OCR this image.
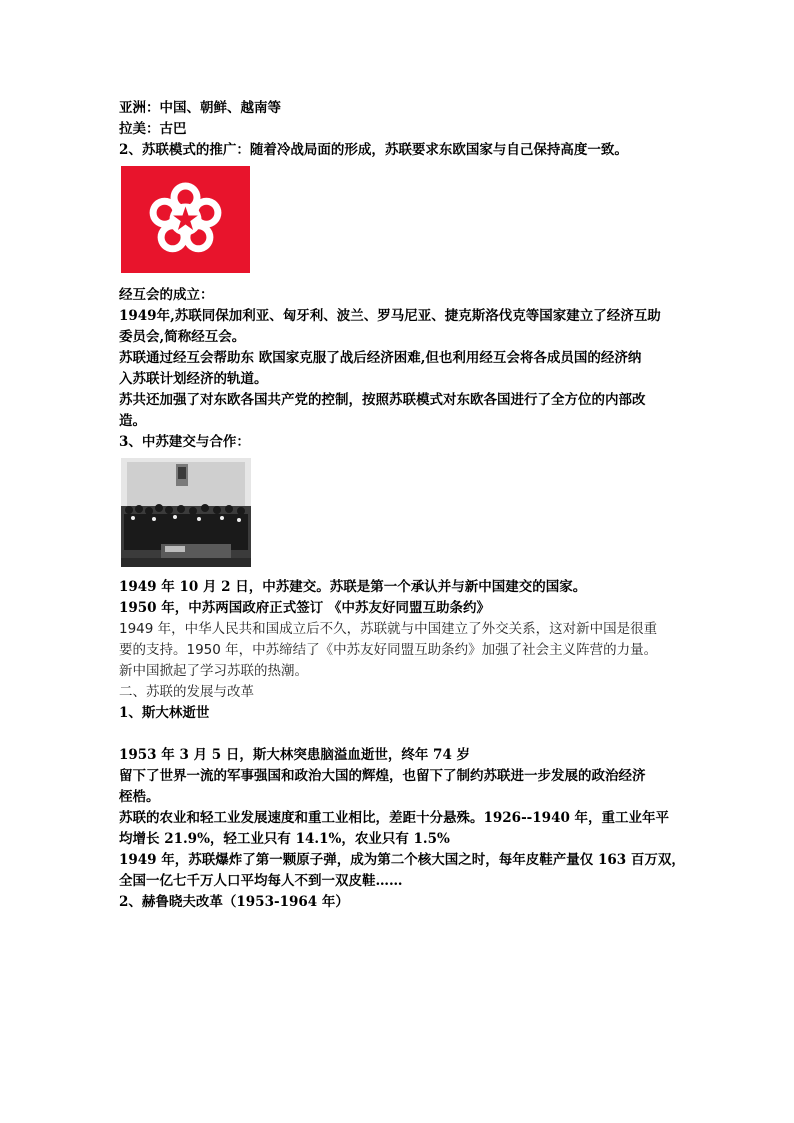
亚洲：中国、朝鲜、越南等
拉美：古巴
2、苏联模式的推广：随着冷战局面的形成，苏联要求东欧国家与自己保持高度一致。
经互会的成立：
1949年,苏联同保加利亚、匈牙利、波兰、罗马尼亚、捷克斯洛伐克等国家建立了经济互助
委员会,简称经互会。
苏联通过经互会帮助东 欧国家克服了战后经济困难,但也利用经互会将各成员国的经济纳
入苏联计划经济的轨道。
苏共还加强了对东欧各国共产党的控制，按照苏联模式对东欧各国进行了全方位的内部改
造。
3、中苏建交与合作：
1949 年 10 月 2 日，中苏建交。苏联是第一个承认并与新中国建交的国家。
1950 年，中苏两国政府正式签订 《中苏友好同盟互助条约》
1949 年，中华人民共和国成立后不久，苏联就与中国建立了外交关系，这对新中国是很重
要的支持。1950 年，中苏缔结了《中苏友好同盟互助条约》加强了社会主义阵营的力量。
新中国掀起了学习苏联的热潮。
二、苏联的发展与改革
1、斯大林逝世
1953 年 3 月 5 日，斯大林突患脑溢血逝世，终年 74 岁
留下了世界一流的军事强国和政治大国的辉煌，也留下了制约苏联进一步发展的政治经济
桎梏。
苏联的农业和轻工业发展速度和重工业相比，差距十分悬殊。1926--1940 年，重工业年平
均增长 21.9%，轻工业只有 14.1%，农业只有 1.5%
1949 年，苏联爆炸了第一颗原子弹，成为第二个核大国之时，每年皮鞋产量仅 163 百万双，
全国一亿七千万人口平均每人不到一双皮鞋……
2、赫鲁晓夫改革（1953-1964 年）
